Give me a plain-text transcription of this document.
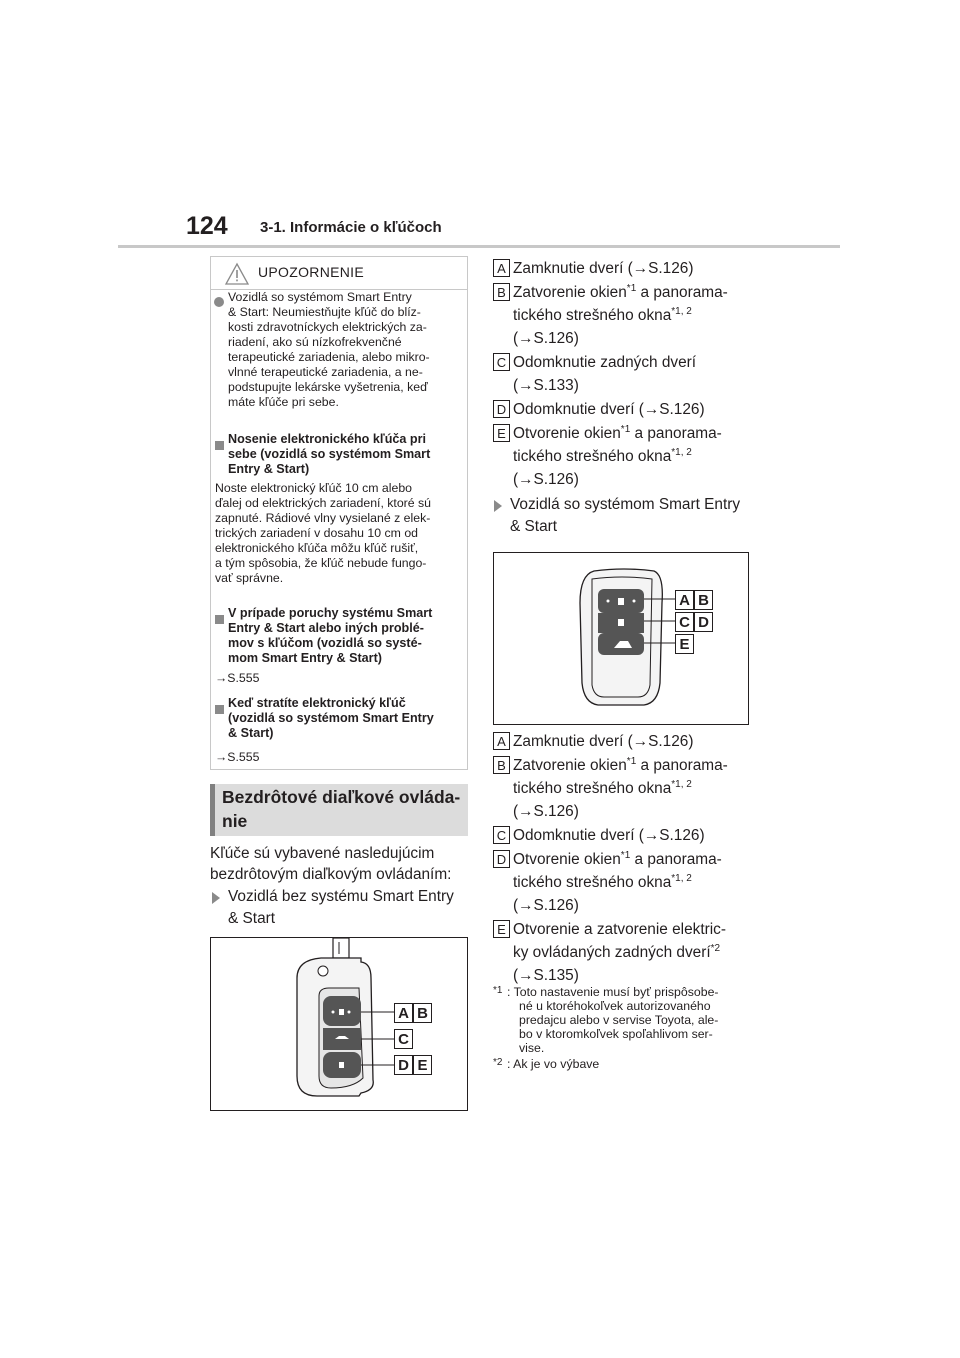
124 3-1. Informácie o kľúčoch
UPOZORNENIE
Vozidlá so systémom Smart Entry
& Start: Neumiestňujte kľúč do blíz-
kosti zdravotníckych elektrických za-
riadení, ako sú nízkofrekvenčné
terapeutické zariadenia, alebo mikro-
vlnné terapeutické zariadenia, a ne-
podstupujte lekárske vyšetrenia, keď
máte kľúče pri sebe.
Nosenie elektronického kľúča pri
sebe (vozidlá so systémom Smart
Entry & Start)
Noste elektronický kľúč 10 cm alebo
ďalej od elektrických zariadení, ktoré sú
zapnuté. Rádiové vlny vysielané z elek-
trických zariadení v dosahu 10 cm od
elektronického kľúča môžu kľúč rušiť,
a tým spôsobia, že kľúč nebude fungo-
vať správne.
V prípade poruchy systému Smart
Entry & Start alebo iných problé-
mov s kľúčom (vozidlá so systé-
mom Smart Entry & Start)
→S.555
Keď stratíte elektronický kľúč
(vozidlá so systémom Smart Entry
& Start)
→S.555
Bezdrôtové diaľkové ovláda-
nie
Kľúče sú vybavené nasledujúcim
bezdrôtovým diaľkovým ovládaním:
Vozidlá bez systému Smart Entry
& Start
A B
C
D E
A Zamknutie dverí (→S.126)
B Zatvorenie okien$^{*1}$ a panorama-
tického strešného okna$^{*1, 2}$
(→S.126)
C Odomknutie zadných dverí
(→S.133)
D Odomknutie dverí (→S.126)
E Otvorenie okien$^{*1}$ a panorama-
tického strešného okna$^{*1, 2}$
(→S.126)
Vozidlá so systémom Smart Entry
& Start
A B
C D
E
A Zamknutie dverí (→S.126)
B Zatvorenie okien$^{*1}$ a panorama-
tického strešného okna$^{*1, 2}$
(→S.126)
C Odomknutie dverí (→S.126)
D Otvorenie okien$^{*1}$ a panorama-
tického strešného okna$^{*1, 2}$
(→S.126)
E Otvorenie a zatvorenie elektric-
ky ovládaných zadných dverí$^{*2}$
(→S.135)
*1 : Toto nastavenie musí byť prispôsobe-
né u ktoréhokoľvek autorizovaného
predajcu alebo v servise Toyota, ale-
bo v ktoromkoľvek spoľahlivom ser-
vise.
*2 : Ak je vo výbave
